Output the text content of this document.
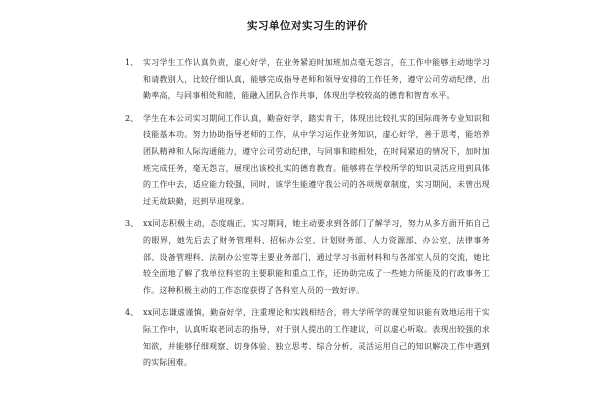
实习单位对实习生的评价
1、 实习学生工作认真负责，虚心好学，在业务紧迫时加班加点毫无怨言，在工作中能够主动地学习和请教别人，比较仔细认真，能够完成指导老师和领导安排的工作任务，遵守公司劳动纪律，出勤率高，与同事相处和睦，能融入团队合作共事，体现出学校较高的德育和智育水平。
2、 学生在本公司实习期间工作认真，勤奋好学，踏实肯干，体现出比较扎实的国际商务专业知识和技能基本功。努力协助指导老师的工作，从中学习运作业务知识，虚心好学，善于思考，能培养团队精神和人际沟通能力，遵守公司劳动纪律，与同事和睦相处，在时间紧迫的情况下，加时加班完成任务，毫无怨言，展现出该校扎实的德育教育。能够将在学校所学的知识灵活应用到具体的工作中去，适应能力较强，同时，该学生能遵守我公司的各项规章制度，实习期间，未曾出现过无故缺勤，迟到早退现象。
3、 xx同志积极主动，态度端正，实习期间，她主动要求到各部门了解学习，努力从多方面开拓自己的眼界，她先后去了财务管理科、招标办公室、计划财务部、人力资源部、办公室、法律事务部、设备管理科、法制办公室等主要业务部门，通过学习书面材料和与各部室人员的交流，她比较全面地了解了我单位科室的主要职能和重点工作，还协助完成了一些她力所能及的行政事务工作。这种积极主动的工作态度获得了各科室人员的一致好评。
4、 xx同志谦虚谨慎，勤奋好学，注重理论和实践相结合，将大学所学的课堂知识能有效地运用于实际工作中，认真听取老同志的指导，对于别人提出的工作建议，可以虚心听取。表现出较强的求知欲，并能够仔细观察、切身体验、独立思考、综合分析，灵活运用自己的知识解决工作中遇到的实际困难。
